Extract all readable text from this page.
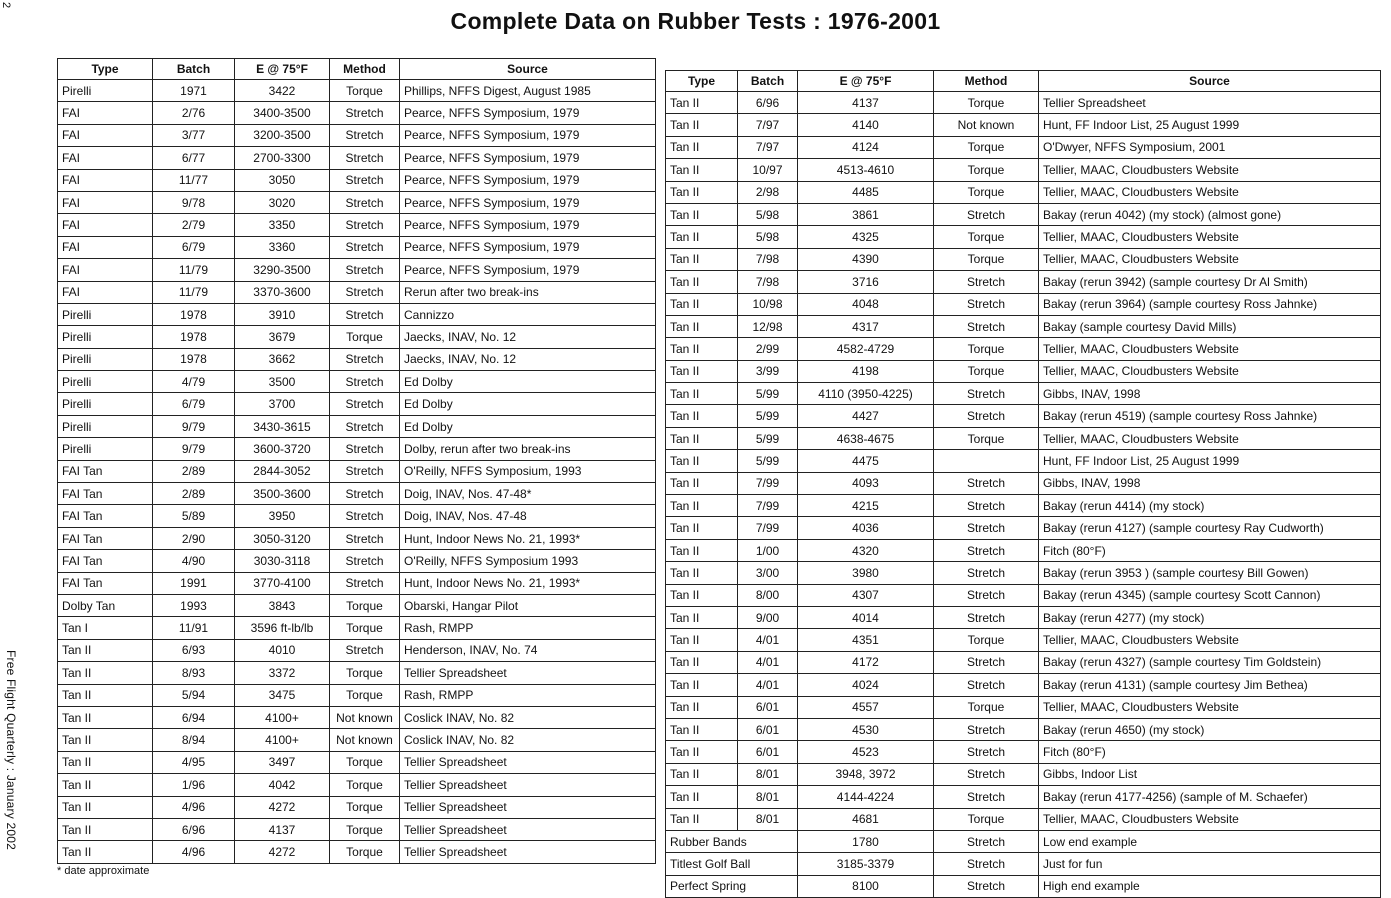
2
Free Flight Quarterly : January 2002
Complete Data on Rubber Tests : 1976-2001
Type	Batch	E @ 75°F	Method	Source
Pirelli	1971	3422	Torque	Phillips, NFFS Digest, August 1985
FAI	2/76	3400-3500	Stretch	Pearce, NFFS Symposium, 1979
FAI	3/77	3200-3500	Stretch	Pearce, NFFS Symposium, 1979
FAI	6/77	2700-3300	Stretch	Pearce, NFFS Symposium, 1979
FAI	11/77	3050	Stretch	Pearce, NFFS Symposium, 1979
FAI	9/78	3020	Stretch	Pearce, NFFS Symposium, 1979
FAI	2/79	3350	Stretch	Pearce, NFFS Symposium, 1979
FAI	6/79	3360	Stretch	Pearce, NFFS Symposium, 1979
FAI	11/79	3290-3500	Stretch	Pearce, NFFS Symposium, 1979
FAI	11/79	3370-3600	Stretch	Rerun after two break-ins
Pirelli	1978	3910	Stretch	Cannizzo
Pirelli	1978	3679	Torque	Jaecks, INAV, No. 12
Pirelli	1978	3662	Stretch	Jaecks, INAV, No. 12
Pirelli	4/79	3500	Stretch	Ed Dolby
Pirelli	6/79	3700	Stretch	Ed Dolby
Pirelli	9/79	3430-3615	Stretch	Ed Dolby
Pirelli	9/79	3600-3720	Stretch	Dolby, rerun after two break-ins
FAI Tan	2/89	2844-3052	Stretch	O'Reilly, NFFS Symposium, 1993
FAI Tan	2/89	3500-3600	Stretch	Doig, INAV, Nos. 47-48*
FAI Tan	5/89	3950	Stretch	Doig, INAV, Nos. 47-48
FAI Tan	2/90	3050-3120	Stretch	Hunt, Indoor News No. 21, 1993*
FAI Tan	4/90	3030-3118	Stretch	O'Reilly, NFFS Symposium 1993
FAI Tan	1991	3770-4100	Stretch	Hunt, Indoor News No. 21, 1993*
Dolby Tan	1993	3843	Torque	Obarski, Hangar Pilot
Tan I	11/91	3596 ft-lb/lb	Torque	Rash, RMPP
Tan II	6/93	4010	Stretch	Henderson, INAV, No. 74
Tan II	8/93	3372	Torque	Tellier Spreadsheet
Tan II	5/94	3475	Torque	Rash, RMPP
Tan II	6/94	4100+	Not known	Coslick INAV, No. 82
Tan II	8/94	4100+	Not known	Coslick INAV, No. 82
Tan II	4/95	3497	Torque	Tellier Spreadsheet
Tan II	1/96	4042	Torque	Tellier Spreadsheet
Tan II	4/96	4272	Torque	Tellier Spreadsheet
Tan II	6/96	4137	Torque	Tellier Spreadsheet
Tan II	4/96	4272	Torque	Tellier Spreadsheet
Type	Batch	E @ 75°F	Method	Source
Tan II	6/96	4137	Torque	Tellier Spreadsheet
Tan II	7/97	4140	Not known	Hunt, FF Indoor List, 25 August 1999
Tan II	7/97	4124	Torque	O'Dwyer, NFFS Symposium, 2001
Tan II	10/97	4513-4610	Torque	Tellier, MAAC, Cloudbusters Website
Tan II	2/98	4485	Torque	Tellier, MAAC, Cloudbusters Website
Tan II	5/98	3861	Stretch	Bakay (rerun 4042) (my stock) (almost gone)
Tan II	5/98	4325	Torque	Tellier, MAAC, Cloudbusters Website
Tan II	7/98	4390	Torque	Tellier, MAAC, Cloudbusters Website
Tan II	7/98	3716	Stretch	Bakay (rerun 3942) (sample courtesy Dr Al Smith)
Tan II	10/98	4048	Stretch	Bakay (rerun 3964) (sample courtesy Ross Jahnke)
Tan II	12/98	4317	Stretch	Bakay (sample courtesy David Mills)
Tan II	2/99	4582-4729	Torque	Tellier, MAAC, Cloudbusters Website
Tan II	3/99	4198	Torque	Tellier, MAAC, Cloudbusters Website
Tan II	5/99	4110 (3950-4225)	Stretch	Gibbs, INAV, 1998
Tan II	5/99	4427	Stretch	Bakay (rerun 4519) (sample courtesy Ross Jahnke)
Tan II	5/99	4638-4675	Torque	Tellier, MAAC, Cloudbusters Website
Tan II	5/99	4475		Hunt, FF Indoor List, 25 August 1999
Tan II	7/99	4093	Stretch	Gibbs, INAV, 1998
Tan II	7/99	4215	Stretch	Bakay (rerun 4414) (my stock)
Tan II	7/99	4036	Stretch	Bakay (rerun 4127) (sample courtesy Ray Cudworth)
Tan II	1/00	4320	Stretch	Fitch (80°F)
Tan II	3/00	3980	Stretch	Bakay (rerun 3953 ) (sample courtesy Bill Gowen)
Tan II	8/00	4307	Stretch	Bakay (rerun 4345) (sample courtesy Scott Cannon)
Tan II	9/00	4014	Stretch	Bakay (rerun 4277) (my stock)
Tan II	4/01	4351	Torque	Tellier, MAAC, Cloudbusters Website
Tan II	4/01	4172	Stretch	Bakay (rerun 4327) (sample courtesy Tim Goldstein)
Tan II	4/01	4024	Stretch	Bakay (rerun 4131) (sample courtesy Jim Bethea)
Tan II	6/01	4557	Torque	Tellier, MAAC, Cloudbusters Website
Tan II	6/01	4530	Stretch	Bakay (rerun 4650) (my stock)
Tan II	6/01	4523	Stretch	Fitch (80°F)
Tan II	8/01	3948, 3972	Stretch	Gibbs, Indoor List
Tan II	8/01	4144-4224	Stretch	Bakay (rerun 4177-4256) (sample of M. Schaefer)
Tan II	8/01	4681	Torque	Tellier, MAAC, Cloudbusters Website
Rubber Bands		1780	Stretch	Low end example
Titlest Golf Ball		3185-3379	Stretch	Just for fun
Perfect Spring		8100	Stretch	High end example
* date approximate
